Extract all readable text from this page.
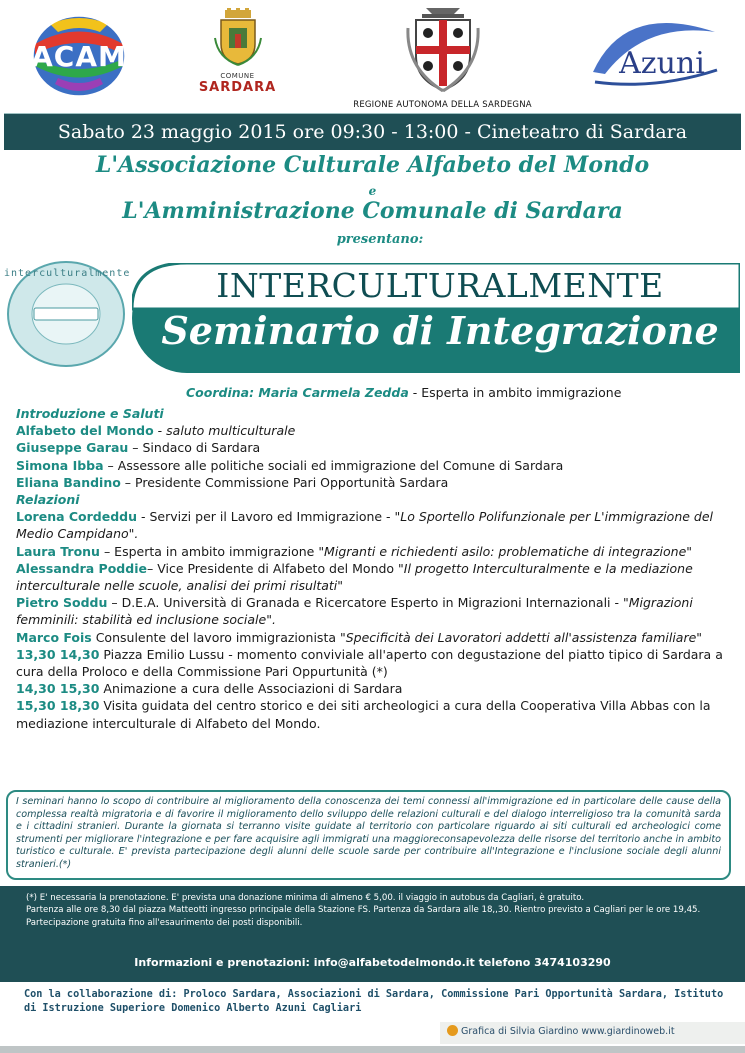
ACAM
COMUNE
SARDARA
REGIONE AUTONOMA DELLA SARDEGNA
Azuni
Sabato 23 maggio 2015 ore 09:30 - 13:00 - Cineteatro di Sardara
L'Associazione Culturale Alfabeto del Mondo
e
L'Amministrazione Comunale di Sardara
presentano:
interculturalmente	INTERCULTURALMENTE
Seminario di Integrazione
Coordina: Maria Carmela Zedda - Esperta in ambito immigrazione

Introduzione e Saluti

Alfabeto del Mondo - saluto multiculturale

Giuseppe Garau – Sindaco di Sardara

Simona Ibba – Assessore alle politiche sociali ed immigrazione del Comune di Sardara

Eliana Bandino – Presidente Commissione Pari Opportunità Sardara

Relazioni

Lorena Cordeddu - Servizi per il Lavoro ed Immigrazione - "Lo Sportello Polifunzionale per L'immigrazione del Medio Campidano".

Laura Tronu – Esperta in ambito immigrazione "Migranti e richiedenti asilo: problematiche di integrazione"

Alessandra Poddie– Vice Presidente di Alfabeto del Mondo "Il progetto Interculturalmente e la mediazione interculturale nelle scuole, analisi dei primi risultati"

Pietro Soddu – D.E.A. Università di Granada e Ricercatore Esperto in Migrazioni Internazionali - "Migrazioni femminili: stabilità ed inclusione sociale".

Marco Fois Consulente del lavoro immigrazionista "Specificità dei Lavoratori addetti all'assistenza familiare"

13,30 14,30 Piazza Emilio Lussu - momento conviviale all'aperto con degustazione del piatto tipico di Sardara a cura della Proloco e della Commissione Pari Oppurtunità (*)

14,30 15,30 Animazione a cura delle Associazioni di Sardara

15,30 18,30 Visita guidata del centro storico e dei siti archeologici a cura della Cooperativa Villa Abbas con la mediazione interculturale di Alfabeto del Mondo.

I seminari hanno lo scopo di contribuire al miglioramento della conoscenza dei temi connessi all'immigrazione ed in particolare delle cause della complessa realtà migratoria e di favorire il miglioramento dello sviluppo delle relazioni culturali e del dialogo interreligioso tra la comunità sarda e i cittadini stranieri. Durante la giornata si terranno visite guidate al territorio con particolare riguardo ai siti culturali ed archeologici come strumenti per migliorare l'integrazione e per fare acquisire agli immigrati una maggioreconsapevolezza delle risorse del territorio anche in ambito turistico e culturale. E' prevista partecipazione degli alunni delle scuole sarde per contribuire all'Integrazione e l'inclusione sociale degli alunni stranieri.(*)

(*) E' necessaria la prenotazione. E' prevista una donazione minima di almeno € 5,00. il viaggio in autobus da Cagliari, è gratuito.

Partenza alle ore 8,30 dal piazza Matteotti ingresso principale della Stazione FS. Partenza da Sardara alle 18,,30. Rientro previsto a Cagliari per le ore 19,45.

Partecipazione gratuita fino all'esaurimento dei posti disponibili.

Informazioni e prenotazioni: info@alfabetodelmondo.it telefono 3474103290
Con la collaborazione di: Proloco Sardara, Associazioni di Sardara, Commissione Pari Opportunità Sardara, Istituto di Istruzione Superiore Domenico Alberto Azuni Cagliari
Grafica di Silvia Giardino www.giardinoweb.it
